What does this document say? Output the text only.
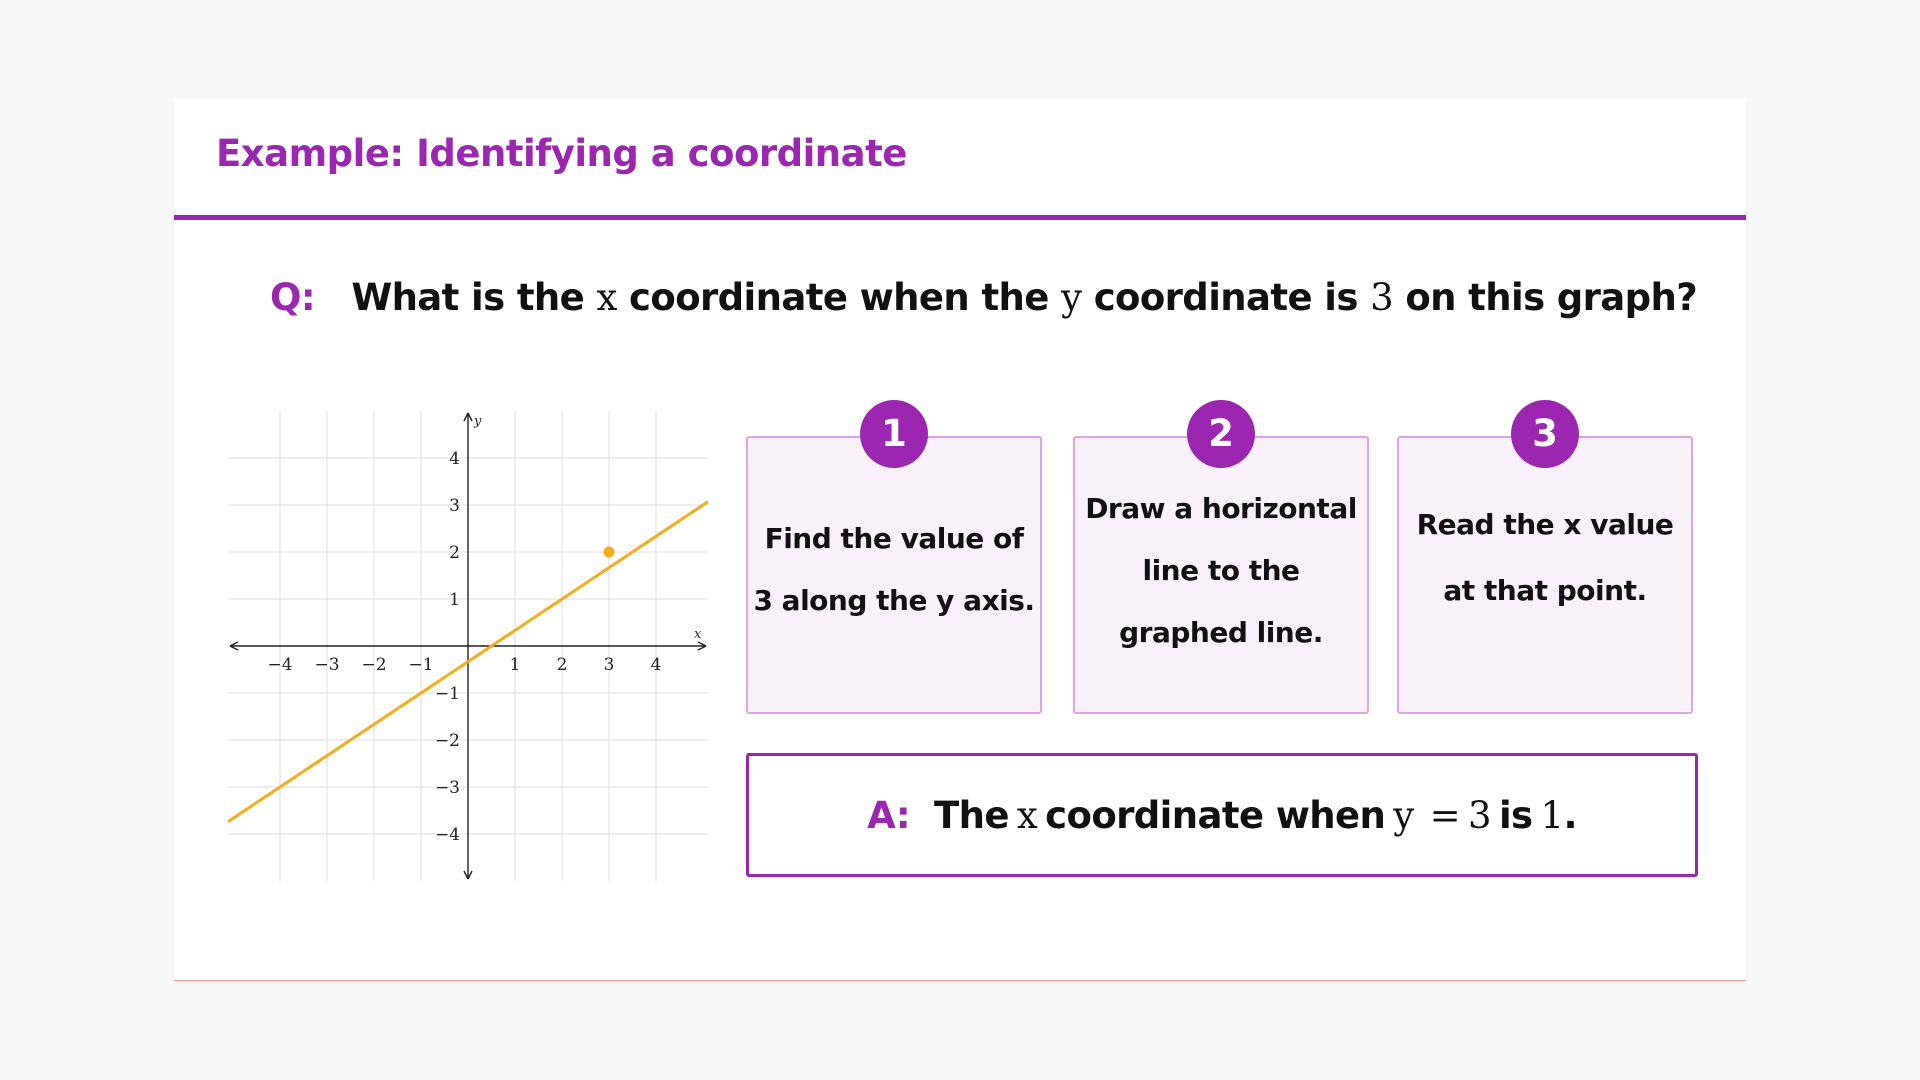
Example: Identifying a coordinate
Q: What is the x coordinate when the y coordinate is 3 on this graph?
−4 −3 −2 −1	1 2 3 4
4
3
2
1
−1
−2
−3
−4
x
y	1
Find the value of
3 along the y axis.
2
Draw a horizontal
line to the
graphed line.
3
Read the x value
at that point.
A: The x coordinate when y = 3 is 1 .
